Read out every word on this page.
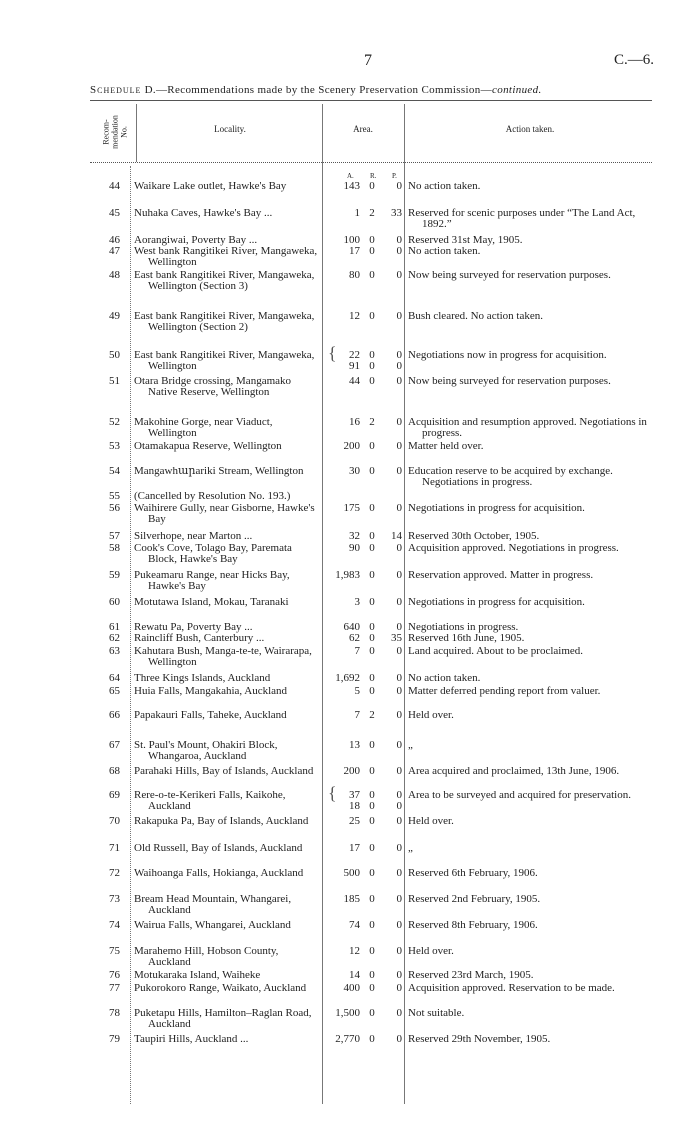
7	C.—6.
Schedule D.—Recommendations made by the Scenery Preservation Commission—continued.
Recom-
mendation
No.	Locality.	Area.	Action taken.
A. R. P.
44 Waikare Lake outlet, Hawke's Bay	143 0	0 No action taken.
45 Nuhaka Caves, Hawke's Bay ...	1 2	33 Reserved for scenic purposes under “The Land Act, 1892.”
46 Aorangiwai, Poverty Bay ...	100 0	0 Reserved 31st May, 1905.
47 West bank Rangitikei River, Mangaweka, Wellington
17 0	0 No action taken.
48 East bank Rangitikei River, Mangaweka, Wellington (Section 3)
80 0	0 Now being surveyed for reservation purposes.
49 East bank Rangitikei River, Mangaweka, Wellington (Section 2)
12 0	0 Bush cleared. No action taken.
50 East bank Rangitikei River, Mangaweka, Wellington
22 0	0 Negotiations now in progress for acquisition.
91 0	0
{
51 Otara Bridge crossing, Mangamako Native Reserve, Wellington
44 0	0 Now being surveyed for reservation purposes.
52 Makohine Gorge, near Viaduct, Wellington
16 2	0 Acquisition and resumption approved. Negotiations in progress.
53 Otamakapua Reserve, Wellington	200 0	0 Matter held over.
54 Mangawhարariki Stream, Wellington	30 0	0 Education reserve to be acquired by exchange. Negotiations in progress.
55 (Cancelled by Resolution No. 193.)
56 Waihirere Gully, near Gisborne, Hawke's Bay
175 0	0 Negotiations in progress for acquisition.
57 Silverhope, near Marton ...	32 0	14 Reserved 30th October, 1905.
58 Cook's Cove, Tolago Bay, Paremata Block, Hawke's Bay
90 0	0 Acquisition approved. Negotiations in progress.
59 Pukeamaru Range, near Hicks Bay, Hawke's Bay
1,983 0	0 Reservation approved. Matter in progress.
60 Motutawa Island, Mokau, Taranaki	3 0	0 Negotiations in progress for acquisition.
61 Rewatu Pa, Poverty Bay ...	640 0	0 Negotiations in progress.
62 Raincliff Bush, Canterbury ...	62 0	35 Reserved 16th June, 1905.
63 Kahutara Bush, Manga-te-te, Wairarapa, Wellington
7 0	0 Land acquired. About to be proclaimed.
64 Three Kings Islands, Auckland	1,692 0	0 No action taken.
65 Huia Falls, Mangakahia, Auckland	5 0	0 Matter deferred pending report from valuer.
66 Papakauri Falls, Taheke, Auckland	7 2	0 Held over.
67 St. Paul's Mount, Ohakiri Block, Whangaroa, Auckland
13 0	0 „
68 Parahaki Hills, Bay of Islands, Auckland	200 0	0 Area acquired and proclaimed, 13th June, 1906.
69 Rere-o-te-Kerikeri Falls, Kaikohe, Auckland
37 0	0 Area to be surveyed and acquired for preservation.
18 0	0
{
70 Rakapuka Pa, Bay of Islands, Auckland	25 0	0 Held over.
71 Old Russell, Bay of Islands, Auckland	17 0	0 „
72 Waihoanga Falls, Hokianga, Auckland	500 0	0 Reserved 6th February, 1906.
73 Bream Head Mountain, Whangarei, Auckland
185 0	0 Reserved 2nd February, 1905.
74 Wairua Falls, Whangarei, Auckland	74 0	0 Reserved 8th February, 1906.
75 Marahemo Hill, Hobson County, Auckland
12 0	0 Held over.
76 Motukaraka Island, Waiheke	14 0	0 Reserved 23rd March, 1905.
77 Pukorokoro Range, Waikato, Auckland	400 0	0 Acquisition approved. Reservation to be made.
78 Puketapu Hills, Hamilton–Raglan Road, Auckland
1,500 0	0 Not suitable.
79 Taupiri Hills, Auckland ...	2,770 0	0 Reserved 29th November, 1905.
